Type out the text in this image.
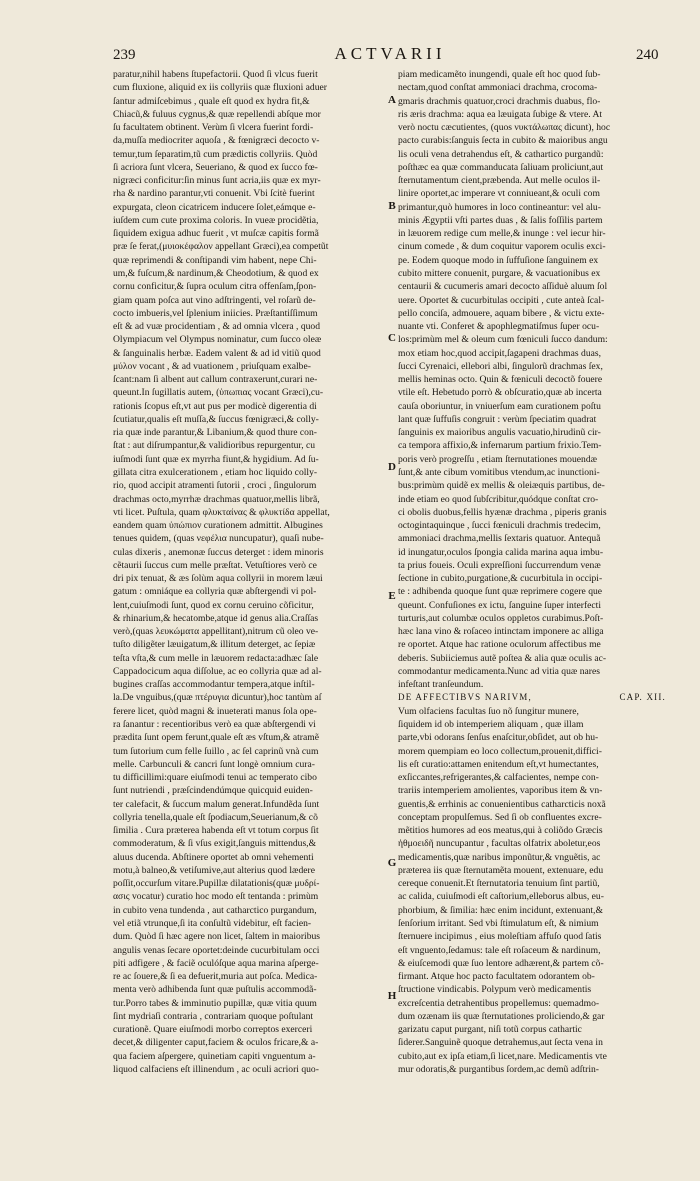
239	ACTVARII	240
paratur,nihil habens ſtupefactorii. Quod ſi vlcus fuerit
cum fluxione, aliquid ex iis collyriis quæ fluxioni aduer
ſantur admiſcebimus , quale eſt quod ex hydra fit,&
Chiacũ,& fuluus cygnus,& quæ repellendi abſque mor
ſu facultatem obtinent. Verùm ſi vlcera fuerint fordi-
da,muſſa mediocriter aquoſa , & fœnigræci decocto v-
temur,tum ſeparatim,tũ cum prædictis collyriis. Quòd
ſi acriora ſunt vlcera, Seueriano, & quod ex ſucco fœ-
nigræci conficitur:ſin minus ſunt acria,iis quæ ex myr-
rha & nardino parantur,vti conuenit. Vbi ſcitè fuerint
expurgata, cleon cicatricem inducere ſolet,eámque e-
iuſdem cum cute proxima coloris. In vueæ procidẽtia,
ſiquidem exigua adhuc fuerit , vt muſcæ capitis formã
præ ſe ferat,(μυιοκέφαλον appellant Græci),ea competũt
quæ reprimendi & conſtipandi vim habent, nepe Chi-
um,& fuſcum,& nardinum,& Cheodotium, & quod ex
cornu conficitur,& ſupra oculum citra offenſam,ſpon-
giam quam poſca aut vino adſtringenti, vel roſarũ de-
cocto imbueris,vel ſplenium iniicies. Præſtantiſſimum
eſt & ad vuæ procidentiam , & ad omnia vlcera , quod
Olympiacum vel Olympus nominatur, cum ſucco oleæ
& ſanguinalis herbæ. Eadem valent & ad id vitiũ quod
μύλον vocant , & ad vuationem , priuſquam exalbe-
ſcant:nam ſi albent aut callum contraxerunt,curari ne-
queunt.In ſugillatis autem, (ὑπωπιας vocant Græci),cu-
rationis ſcopus eſt,vt aut pus per modicè digerentia di
ſcutiatur,qualis eſt muſſa,& ſuccus fœnigræci,& colly-
ria quæ inde parantur,& Libanium,& quod thure con-
ſtat : aut diſrumpantur,& validioribus repurgentur, cu
iuſmodi ſunt quæ ex myrrha fiunt,& hygidium. Ad ſu-
gillata citra exulcerationem , etiam hoc liquido colly-
rio, quod accipit atramenti ſutorii , croci , ſingulorum
drachmas octo,myrrhæ drachmas quatuor,mellis librã,
vti licet. Puſtula, quam φλυκταίνας & φλυκτίδα appellat,
eandem quam ὑπώπιον curationem admittit. Albugines
tenues quidem, (quas νεφέλια nuncupatur), quaſi nube-
culas dixeris , anemonæ ſuccus deterget : idem minoris
cẽtaurii ſuccus cum melle præſtat. Vetuſtiores verò ce
dri pix tenuat, & æs ſolùm aqua collyrii in morem læui
gatum : omniáque ea collyria quæ abſtergendi vi pol-
lent,cuiuſmodi ſunt, quod ex cornu ceruino cõficitur,
& rhinarium,& hecatombe,atque id genus alia.Craſſas
verò,(quas λευκώματα appellitant),nitrum cũ oleo ve-
tuſto diligẽter læuigatum,& illitum deterget, ac ſepiæ
teſta vſta,& cum melle in læuorem redacta:adhæc ſale
Cappadocicum aqua diſſolue, ac eo collyria quæ ad al-
bugines craſſas accommodantur tempera,atque inſtil-
la.De vnguibus,(quæ πτέρυγια dicuntur),hoc tantùm aſ
ferere licet, quòd magni & inueterati manus ſola ope-
ra ſanantur : recentioribus verò ea quæ abſtergendi vi
prædita ſunt opem ferunt,quale eſt æs vſtum,& atramẽ
tum ſutorium cum felle ſuillo , ac ſel caprinũ vnà cum
melle. Carbunculi & cancri ſunt longè omnium cura-
tu difficillimi:quare eiuſmodi tenui ac temperato cibo
ſunt nutriendi , præſcindendúmque quicquid euiden-
ter calefacit, & ſuccum malum generat.Infundẽda ſunt
collyria tenella,quale eſt ſpodiacum,Seuerianum,& cõ
ſimilia . Cura præterea habenda eſt vt totum corpus ſit
commoderatum, & ſi vſus exigit,ſanguis mittendus,&
aluus ducenda. Abſtinere oportet ab omni vehementi
motu,à balneo,& vetiſumive,aut alterius quod lædere
poſſit,occurſum vitare.Pupillæ dilatationis(quæ μυδρί-
ασις vocatur) curatio hoc modo eſt tentanda : primùm
in cubito vena tundenda , aut catharctico purgandum,
vel etiã vtrunque,ſi ita conſultũ videbitur, eſt facien-
dum. Quòd ſi hæc agere non licet, ſaltem in maioribus
angulis venas ſecare oportet:deinde cucurbitulam occi
piti adfigere , & faciẽ oculóſque aqua marina aſperge-
re ac ſouere,& ſi ea defuerit,muria aut poſca. Medica-
menta verò adhibenda ſunt quæ puſtulis accommodã-
tur.Porro tabes & imminutio pupillæ, quæ vitia quum
ſint mydriaſi contraria , contrariam quoque poſtulant
curationẽ. Quare eiuſmodi morbo correptos exerceri
decet,& diligenter caput,faciem & oculos fricare,& a-
qua faciem aſpergere, quinetiam capiti vnguentum a-
liquod calfaciens eſt illinendum , ac oculi acriori quo-
piam medicamẽto inungendi, quale eſt hoc quod ſub-
nectam,quod conſtat ammoniaci drachma, crocoma-
gmaris drachmis quatuor,croci drachmis duabus, flo-
ris æris drachma: aqua ea læuigata ſubige & vtere. At
verò noctu cæcutientes, (quos νυκτάλωπας dicunt), hoc
pacto curabis:ſanguis ſecta in cubito & maioribus angu
lis oculi vena detrahendus eſt, & cathartico purgandũ:
poſthæc ea quæ commanducata ſaliuam proliciunt,aut
ſternutamentum cient,præbenda. Aut melle oculos il-
linire oportet,ac imperare vt conniueant,& oculi com
primantur,quò humores in loco contineantur: vel alu-
minis Ægyptii vſti partes duas , & ſalis foſſilis partem
in læuorem redige cum melle,& inunge : vel iecur hir-
cinum comede , & dum coquitur vaporem oculis exci-
pe. Eodem quoque modo in ſuffuſione ſanguinem ex
cubito mittere conuenit, purgare, & vacuationibus ex
centaurii & cucumeris amari decocto aſſiduè aluum ſol
uere. Oportet & cucurbitulas occipiti , cute anteà ſcal-
pello conciſa, admouere, aquam bibere , & victu exte-
nuante vti. Conferet & apophlegmatiſmus ſuper ocu-
los:primùm mel & oleum cum fœniculi ſucco dandum:
mox etiam hoc,quod accipit,ſagapeni drachmas duas,
ſucci Cyrenaici, ellebori albi, ſingulorũ drachmas ſex,
mellis heminas octo. Quin & fœniculi decoctõ fouere
vtile eſt. Hebetudo porrò & obſcuratio,quæ ab incerta
cauſa oboriuntur, in vniuerſum eam curationem poſtu
lant quæ ſuffuſis congruit : verùm ſpeciatim quadrat
ſanguinis ex maioribus angulis vacuatio,hirudinũ cir-
ca tempora affixio,& infernarum partium frixio.Tem-
poris verò progreſſu , etiam ſternutationes mouendæ
ſunt,& ante cibum vomitibus vtendum,ac inunctioni-
bus:primùm quidẽ ex mellis & oleiæquis partibus, de-
inde etiam eo quod ſubſcribitur,quódque conſtat cro-
ci obolis duobus,fellis hyænæ drachma , piperis granis
octogintaquinque , ſucci fœniculi drachmis tredecim,
ammoniaci drachma,mellis ſextaris quatuor. Antequã
id inungatur,oculos ſpongia calida marina aqua imbu-
ta prius foueis. Oculi expreſſioni ſuccurrendum venæ
ſectione in cubito,purgatione,& cucurbitula in occipi-
te : adhibenda quoque ſunt quæ reprimere cogere que
queunt. Confuſiones ex ictu, ſanguine ſuper interfecti
turturis,aut columbæ oculos oppletos curabimus.Poſt-
hæc lana vino & roſaceo intinctam imponere ac alliga
re oportet. Atque hac ratione oculorum affectibus me
deberis. Subiiciemus autẽ poſtea & alia quæ oculis ac-
commodantur medicamenta.Nunc ad vitia quæ nares
infeſtant tranſeundum.
DE AFFECTIBVS NARIVM,	CAP. XII.
Vum olfaciens facultas ſuo nõ ſungitur munere,
ſiquidem id ob intemperiem aliquam , quæ illam
parte,vbi odorans ſenſus enaſcitur,obſidet, aut ob hu-
morem quempiam eo loco collectum,prouenit,diffici-
lis eſt curatio:attamen enitendum eſt,vt humectantes,
exſiccantes,refrigerantes,& calfacientes, nempe con-
trariis intemperiem amolientes, vaporibus item & vn-
guentis,& errhinis ac conuenientibus catharcticis noxã
conceptam propulſemus. Sed ſi ob confluentes excre-
mẽtitios humores ad eos meatus,qui à coliõdo Græcis
ἠθμοειδῆ nuncupantur , facultas olfatrix aboletur,eos
medicamentis,quæ naribus imponũtur,& vnguẽtis, ac
præterea iis quæ ſternutamẽta mouent, extenuare, edu
cereque conuenit.Et ſternutatoria tenuium ſint partiũ,
ac calida, cuiuſmodi eſt caſtorium,elleborus albus, eu-
phorbium, & ſimilia: hæc enim incidunt, extenuant,&
ſenſorium irritant. Sed vbi ſtimulatum eſt, & nimium
ſternuere incipimus , eius moleſtiam affuſo quod ſatis
eſt vnguento,ſedamus: tale eſt roſaceum & nardinum,
& eiuſcemodi quæ ſuo lentore adhærent,& partem cõ-
firmant. Atque hoc pacto facultatem odorantem ob-
ſtructione vindicabis. Polypum verò medicamentis
excreſcentia detrahentibus propellemus: quemadmo-
dum ozænam iis quæ ſternutationes proliciendo,& gar
garizatu caput purgant, niſi totũ corpus cathartic
ſiderer.Sanguinẽ quoque detrahemus,aut ſecta vena in
cubito,aut ex ipſa etiam,ſi licet,nare. Medicamentis vte
mur odoratis,& purgantibus ſordem,ac demũ adſtrin-
A
B
C
D
E
G
H
